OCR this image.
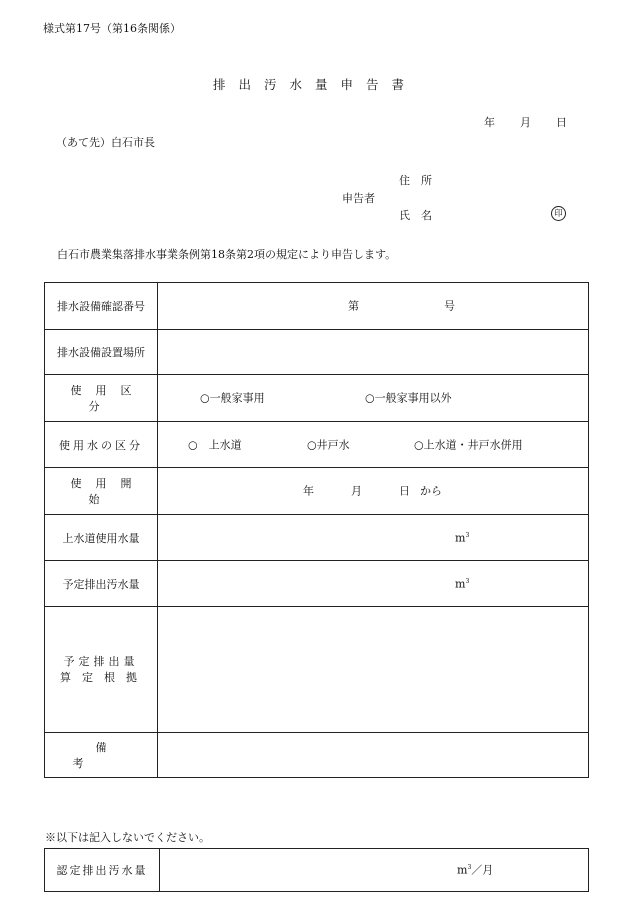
様式第17号（第16条関係）
排出汚水量申告書
年 月 日
（あて先）白石市長
住　所
申告者
氏　名	印
白石市農業集落排水事業条例第18条第2項の規定により申告します。
排水設備確認番号	第 号

排水設備設置場所	
使用区分	○一般家事用 ○一般家事用以外

使用水の区分	○　上水道 ○井戸水 ○上水道・井戸水併用

使用開始	年 月 日 から

上水道使用水量	$m^3$

予定排出汚水量	$m^3$

予定排出量
算定根拠	

備考	
※以下は記入しないでください。
認定排出汚水量	$m^3/$月
